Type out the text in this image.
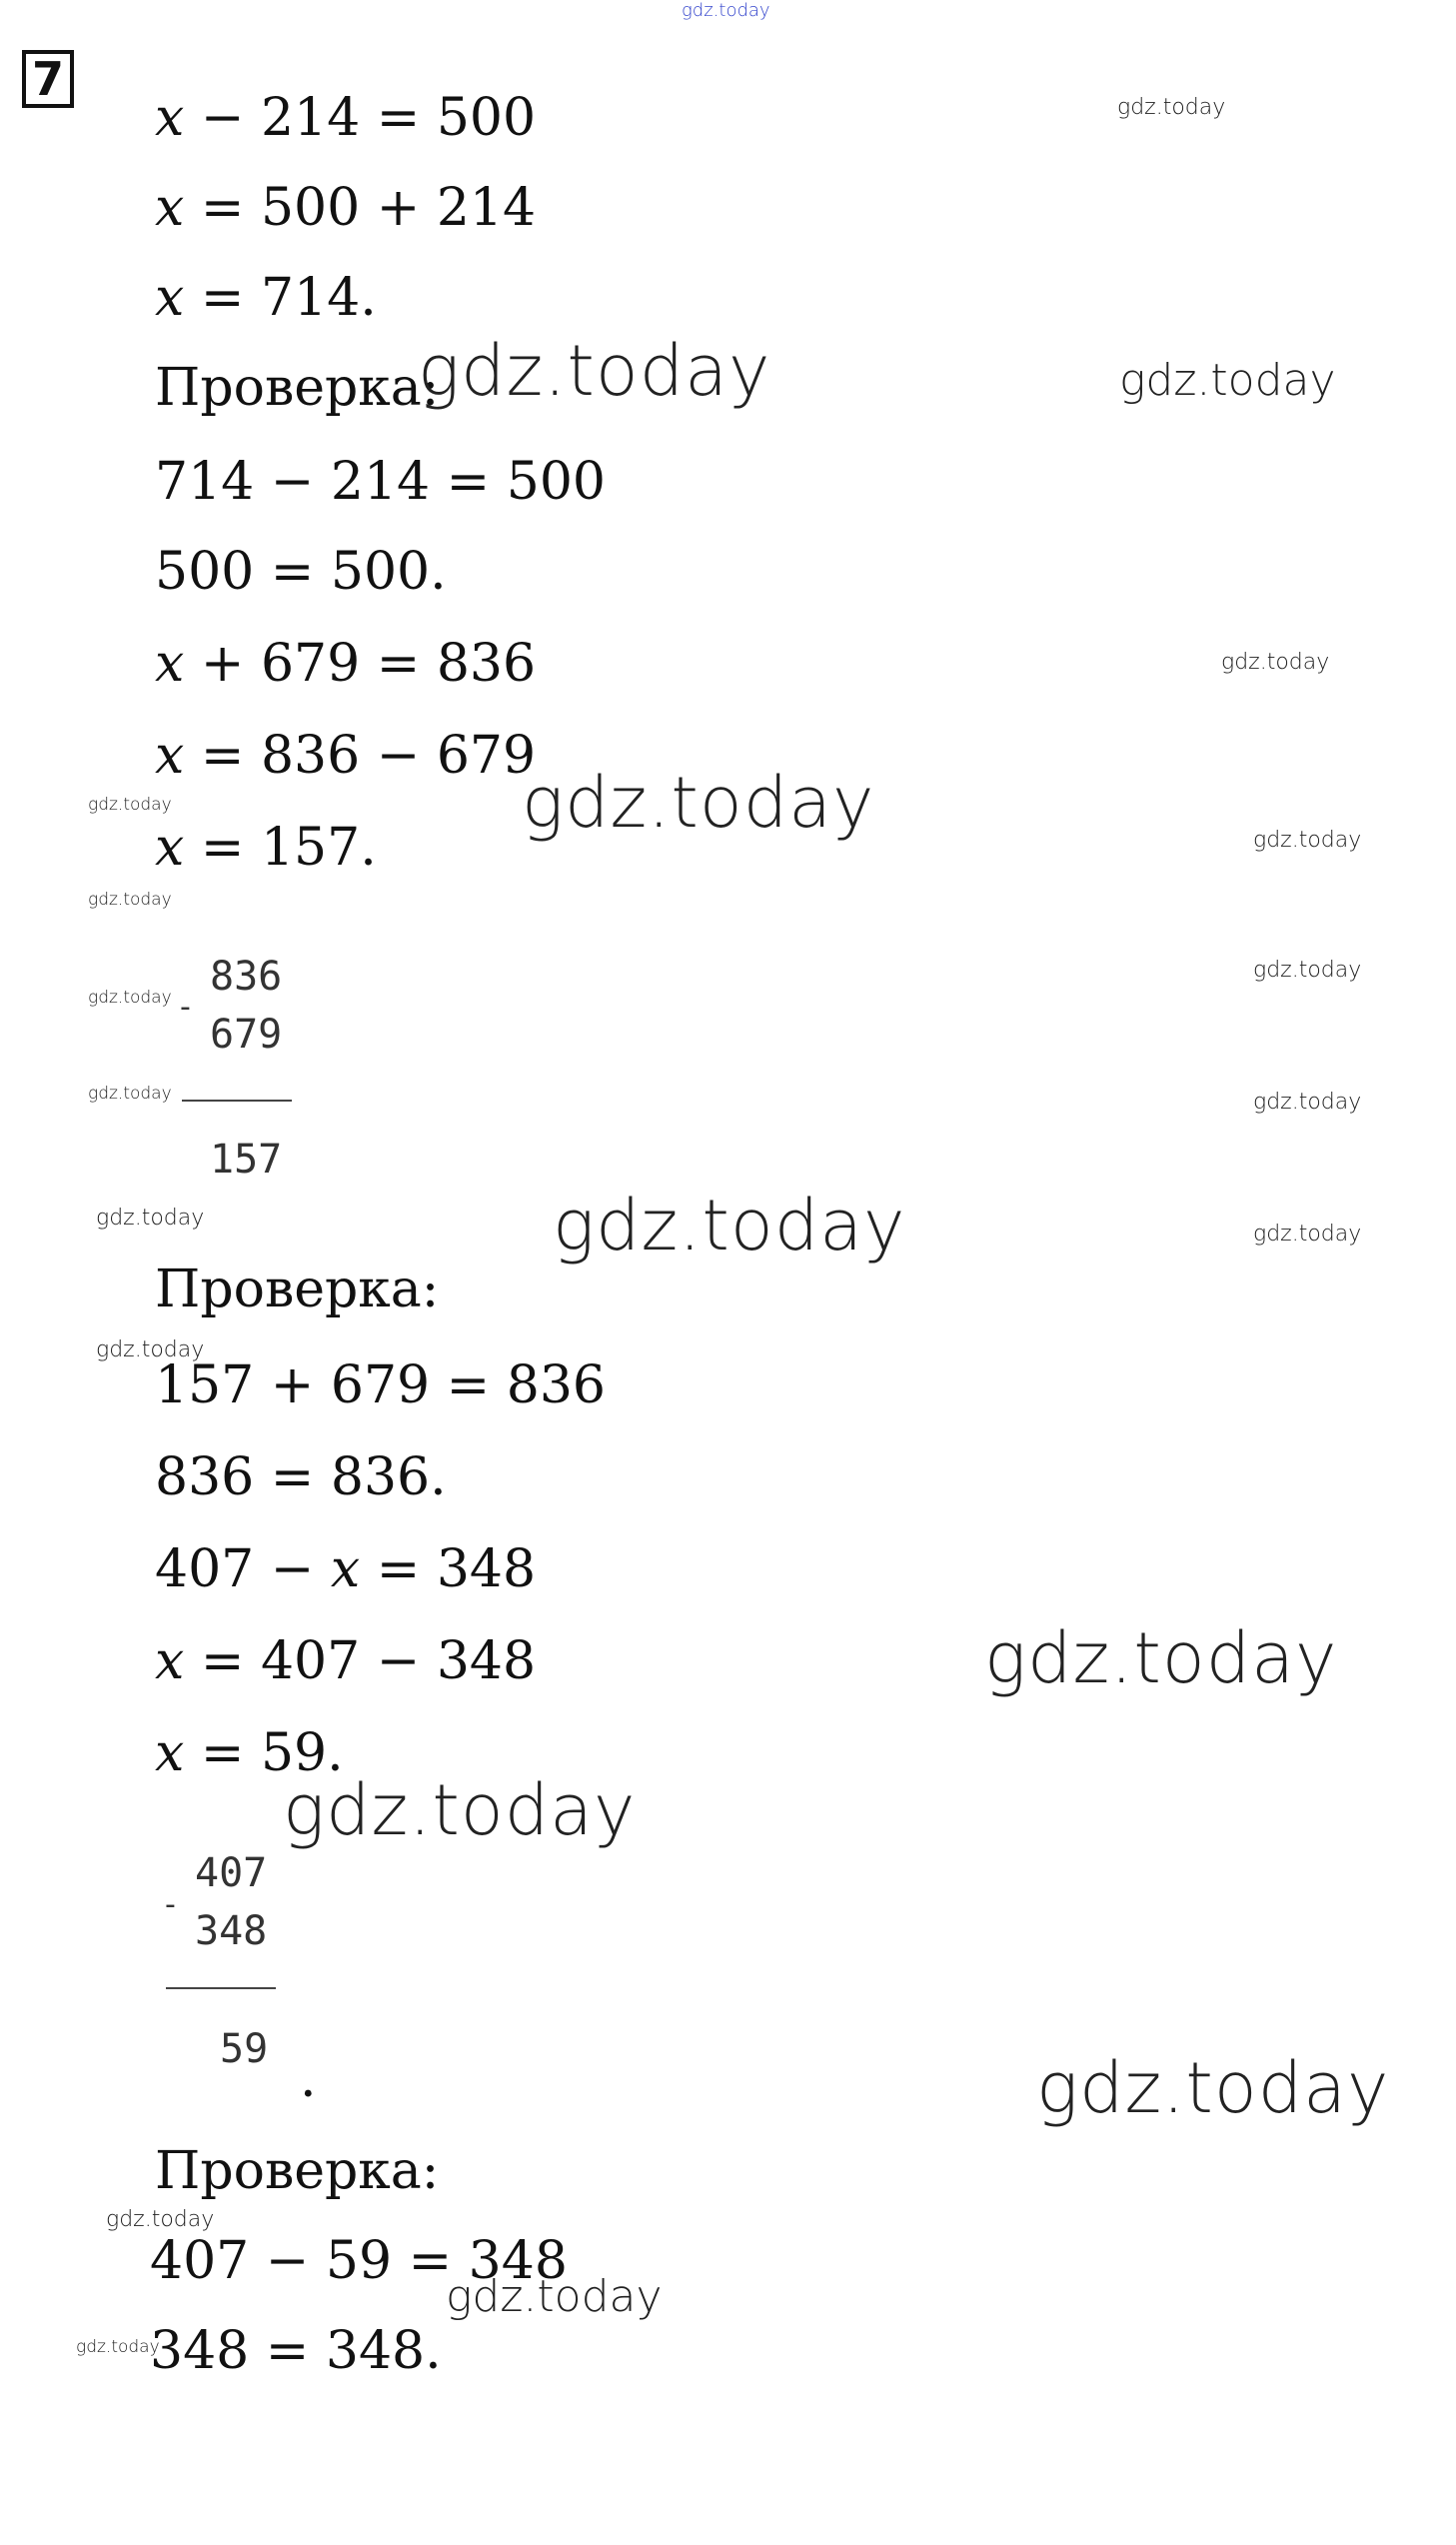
7
x − 214 = 500
x = 500 + 214
x = 714.
Проверка:
714 − 214 = 500
500 = 500.
x + 679 = 836
x = 836 − 679
x = 157.
836
-
679
157
Проверка:
157 + 679 = 836
836 = 836.
407 − x = 348
x = 407 − 348
x = 59.
407
-
348
59 .
Проверка:
407 − 59 = 348
348 = 348.
gdz.today
gdz.today
gdz.today	gdz.today
gdz.today
gdz.today
gdz.today
gdz.today
gdz.today
gdz.today
gdz.today
gdz.today	gdz.today
gdz.today	gdz.today	gdz.today
gdz.today
gdz.today
gdz.today
gdz.today
gdz.today
gdz.today
gdz.today
